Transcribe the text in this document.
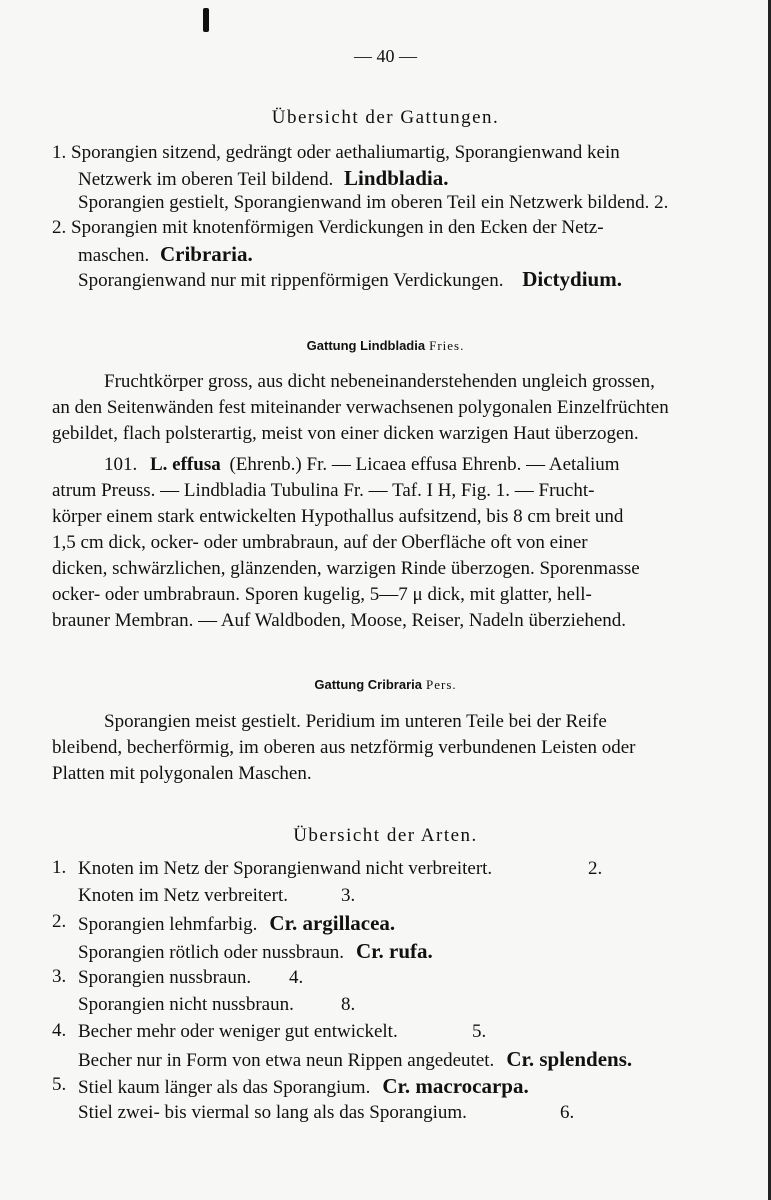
— 40 —
Übersicht der Gattungen.
1. Sporangien sitzend, gedrängt oder aethaliumartig, Sporangienwand kein
Netzwerk im oberen Teil bildend. Lindbladia.
Sporangien gestielt, Sporangienwand im oberen Teil ein Netzwerk bildend. 2.
2. Sporangien mit knotenförmigen Verdickungen in den Ecken der Netz-
maschen. Cribraria.
Sporangienwand nur mit rippenförmigen Verdickungen. Dictydium.
Gattung Lindbladia Fries.
Fruchtkörper gross, aus dicht nebeneinanderstehenden ungleich grossen,
an den Seitenwänden fest miteinander verwachsenen polygonalen Einzelfrüchten
gebildet, flach polsterartig, meist von einer dicken warzigen Haut überzogen.
101. L. effusa (Ehrenb.) Fr. — Licaea effusa Ehrenb. — Aetalium
atrum Preuss. — Lindbladia Tubulina Fr. — Taf. I H, Fig. 1. — Frucht-
körper einem stark entwickelten Hypothallus aufsitzend, bis 8 cm breit und
1,5 cm dick, ocker- oder umbrabraun, auf der Oberfläche oft von einer
dicken, schwärzlichen, glänzenden, warzigen Rinde überzogen. Sporenmasse
ocker- oder umbrabraun. Sporen kugelig, 5—7 μ dick, mit glatter, hell-
brauner Membran. — Auf Waldboden, Moose, Reiser, Nadeln überziehend.
Gattung Cribraria Pers.
Sporangien meist gestielt. Peridium im unteren Teile bei der Reife
bleibend, becherförmig, im oberen aus netzförmig verbundenen Leisten oder
Platten mit polygonalen Maschen.
Übersicht der Arten.
1. Knoten im Netz der Sporangienwand nicht verbreitert.	2.
Knoten im Netz verbreitert.	3.
2. Sporangien lehmfarbig. Cr. argillacea.
Sporangien rötlich oder nussbraun. Cr. rufa.
3. Sporangien nussbraun. 4.
Sporangien nicht nussbraun. 8.
4. Becher mehr oder weniger gut entwickelt.	5.
Becher nur in Form von etwa neun Rippen angedeutet. Cr. splendens.
5. Stiel kaum länger als das Sporangium. Cr. macrocarpa.
Stiel zwei- bis viermal so lang als das Sporangium.	6.
